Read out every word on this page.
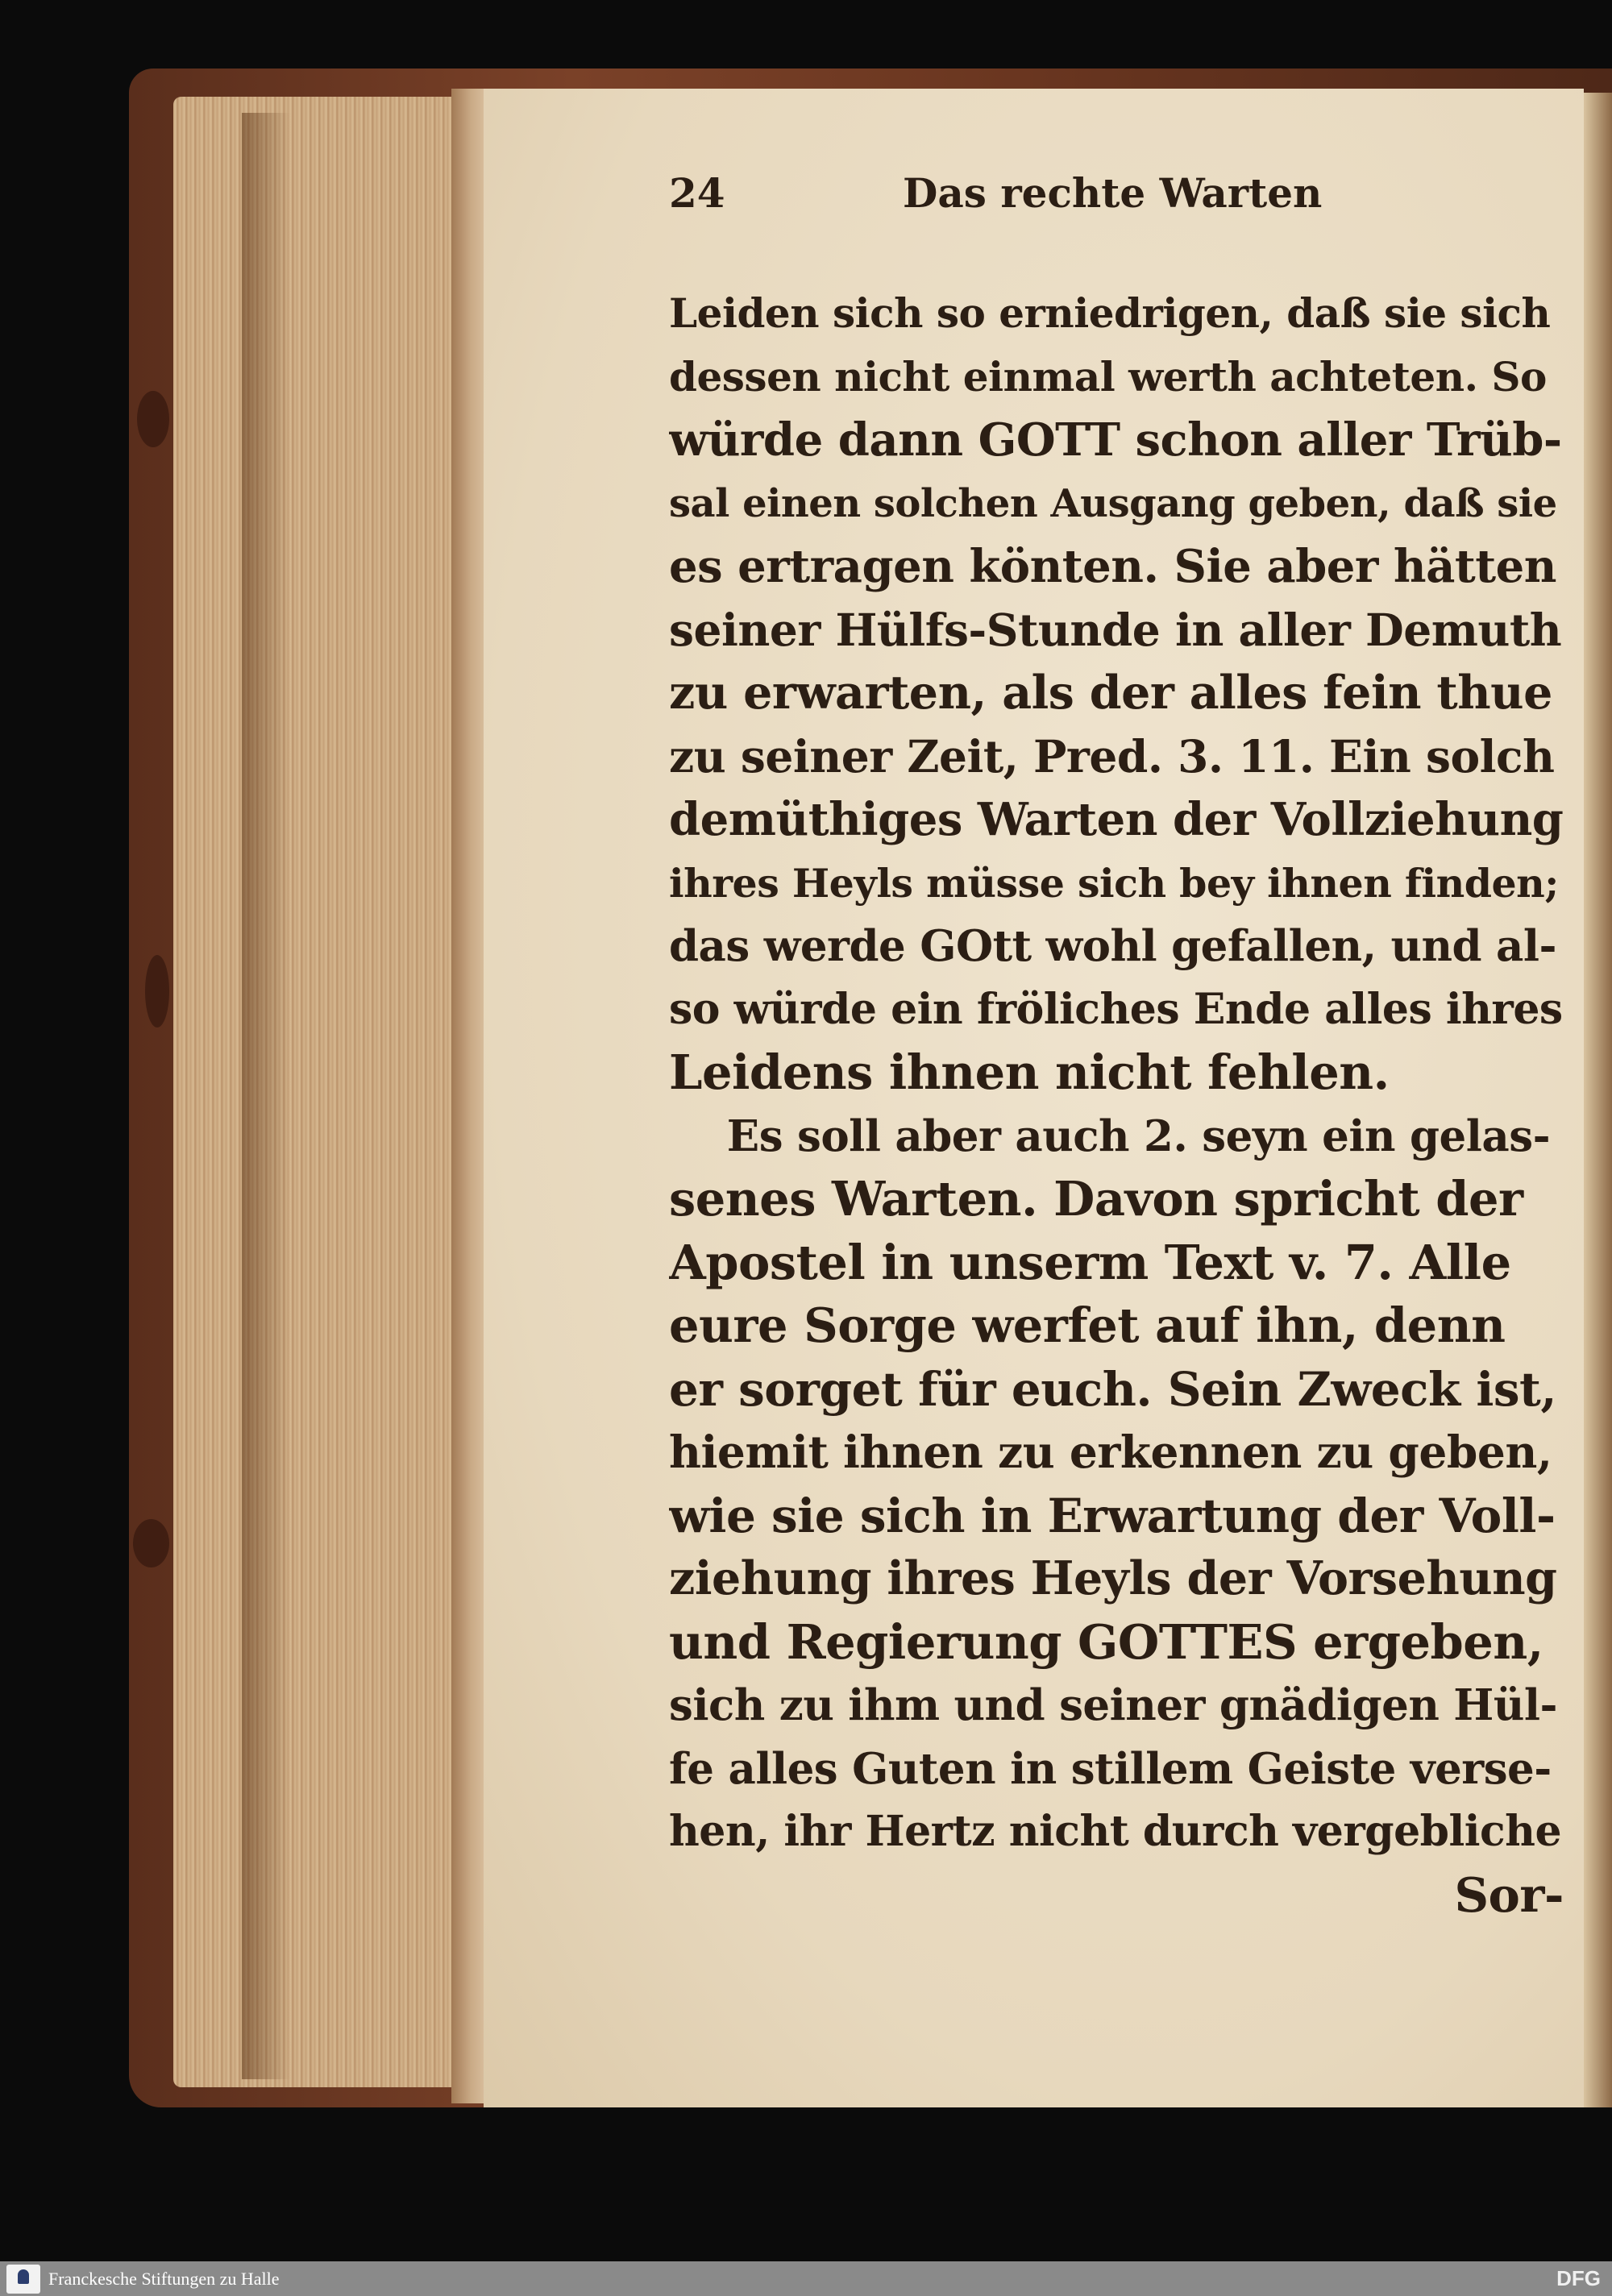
24	Das rechte Warten
Leiden sich so erniedrigen, daß sie sich
dessen nicht einmal werth achteten. So
würde dann GOTT schon aller Trüb-
sal einen solchen Ausgang geben, daß sie
es ertragen könten. Sie aber hätten
seiner Hülfs-Stunde in aller Demuth
zu erwarten, als der alles fein thue
zu seiner Zeit, Pred. 3. 11. Ein solch
demüthiges Warten der Vollziehung
ihres Heyls müsse sich bey ihnen finden;
das werde GOtt wohl gefallen, und al-
so würde ein fröliches Ende alles ihres
Leidens ihnen nicht fehlen.
Es soll aber auch 2. seyn ein gelas-
senes Warten. Davon spricht der
Apostel in unserm Text v. 7. Alle
eure Sorge werfet auf ihn, denn
er sorget für euch. Sein Zweck ist,
hiemit ihnen zu erkennen zu geben,
wie sie sich in Erwartung der Voll-
ziehung ihres Heyls der Vorsehung
und Regierung GOTTES ergeben,
sich zu ihm und seiner gnädigen Hül-
fe alles Guten in stillem Geiste verse-
hen, ihr Hertz nicht durch vergebliche
Sor-
Franckesche Stiftungen zu Halle	DFG
